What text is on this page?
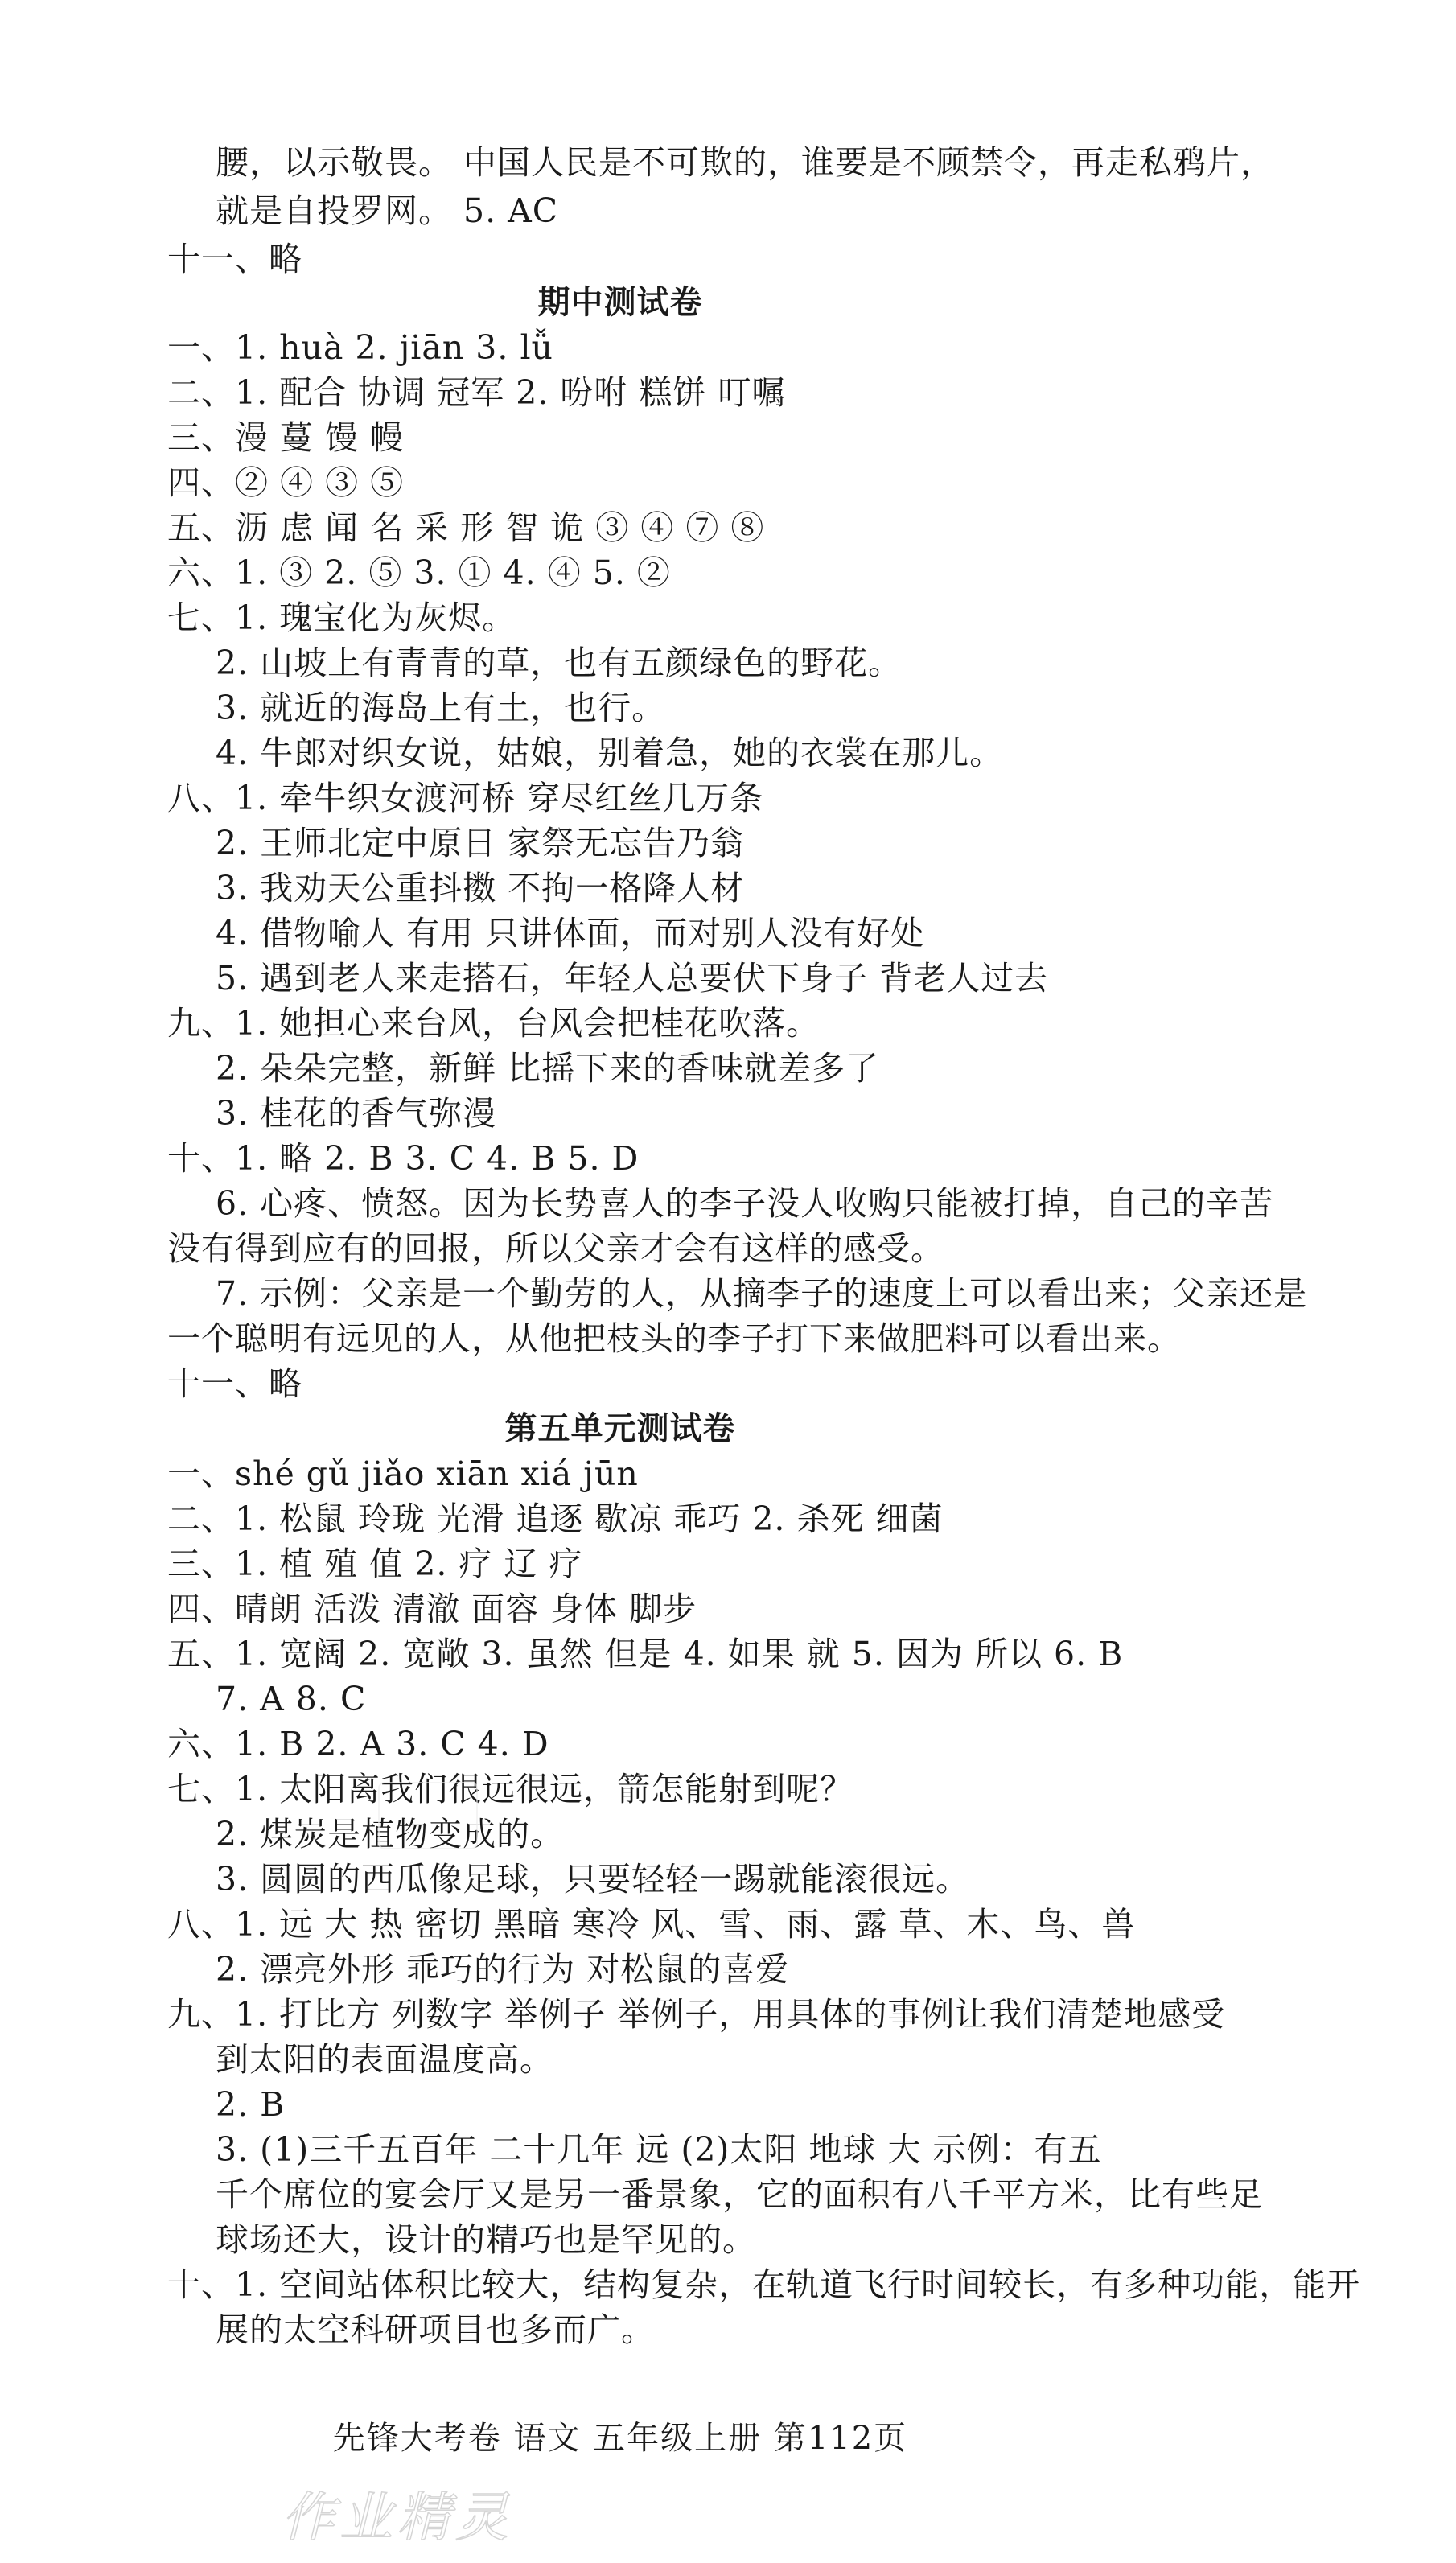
腰，以示敬畏。 中国人民是不可欺的，谁要是不顾禁令，再走私鸦片，
就是自投罗网。 5. AC
十一、略
期中测试卷
一、1. huà 2. jiān 3. lǚ
二、1. 配合 协调 冠军 2. 吩咐 糕饼 叮嘱
三、漫 蔓 馒 幔
四、② ④ ③ ⑤
五、沥 虑 闻 名 采 形 智 诡 ③ ④ ⑦ ⑧
六、1. ③ 2. ⑤ 3. ① 4. ④ 5. ②
七、1. 瑰宝化为灰烬。
2. 山坡上有青青的草，也有五颜绿色的野花。
3. 就近的海岛上有土，也行。
4. 牛郎对织女说，姑娘，别着急，她的衣裳在那儿。
八、1. 牵牛织女渡河桥 穿尽红丝几万条
2. 王师北定中原日 家祭无忘告乃翁
3. 我劝天公重抖擞 不拘一格降人材
4. 借物喻人 有用 只讲体面，而对别人没有好处
5. 遇到老人来走搭石，年轻人总要伏下身子 背老人过去
九、1. 她担心来台风，台风会把桂花吹落。
2. 朵朵完整，新鲜 比摇下来的香味就差多了
3. 桂花的香气弥漫
十、1. 略 2. B 3. C 4. B 5. D
6. 心疼、愤怒。因为长势喜人的李子没人收购只能被打掉，自己的辛苦
没有得到应有的回报，所以父亲才会有这样的感受。
7. 示例：父亲是一个勤劳的人，从摘李子的速度上可以看出来；父亲还是
一个聪明有远见的人，从他把枝头的李子打下来做肥料可以看出来。
十一、略
第五单元测试卷
一、shé gǔ jiǎo xiān xiá jūn
二、1. 松鼠 玲珑 光滑 追逐 歇凉 乖巧 2. 杀死 细菌
三、1. 植 殖 值 2. 疗 辽 疗
四、晴朗 活泼 清澈 面容 身体 脚步
五、1. 宽阔 2. 宽敞 3. 虽然 但是 4. 如果 就 5. 因为 所以 6. B
7. A 8. C
六、1. B 2. A 3. C 4. D
七、1. 太阳离我们很远很远，箭怎能射到呢？
2. 煤炭是植物变成的。
3. 圆圆的西瓜像足球，只要轻轻一踢就能滚很远。
八、1. 远 大 热 密切 黑暗 寒冷 风、雪、雨、露 草、木、鸟、兽
2. 漂亮外形 乖巧的行为 对松鼠的喜爱
九、1. 打比方 列数字 举例子 举例子，用具体的事例让我们清楚地感受
到太阳的表面温度高。
2. B
3. (1)三千五百年 二十几年 远 (2)太阳 地球 大 示例：有五
千个席位的宴会厅又是另一番景象，它的面积有八千平方米，比有些足
球场还大，设计的精巧也是罕见的。
十、1. 空间站体积比较大，结构复杂，在轨道飞行时间较长，有多种功能，能开
展的太空科研项目也多而广。
先锋大考卷 语文 五年级上册 第112页
作业精灵
